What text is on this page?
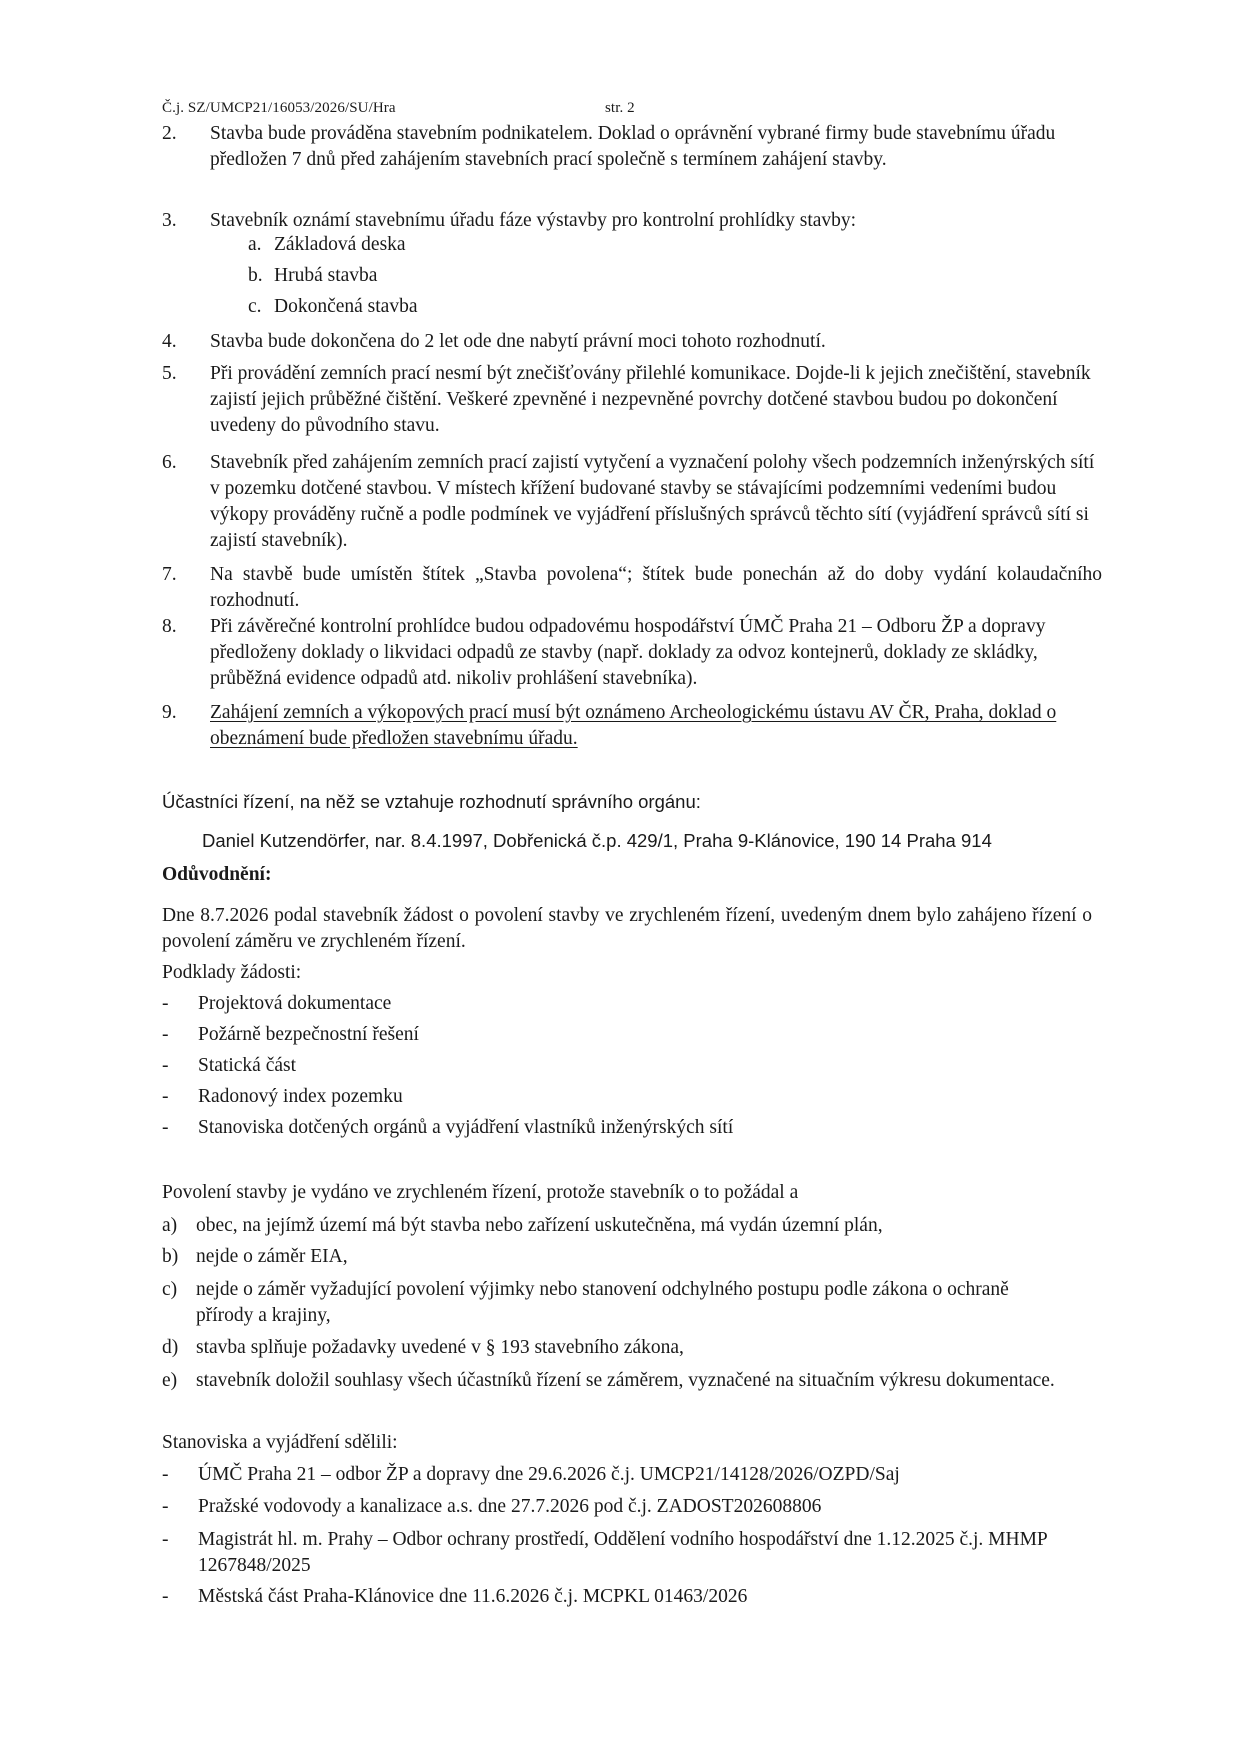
Č.j. SZ/UMCP21/16053/2026/SU/Hra	str. 2
2. Stavba bude prováděna stavebním podnikatelem. Doklad o oprávnění vybrané firmy bude stavebnímu úřadu předložen 7 dnů před zahájením stavebních prací společně s termínem zahájení stavby.
3. Stavebník oznámí stavebnímu úřadu fáze výstavby pro kontrolní prohlídky stavby:
a. Základová deska
b. Hrubá stavba
c. Dokončená stavba
4. Stavba bude dokončena do 2 let ode dne nabytí právní moci tohoto rozhodnutí.
5. Při provádění zemních prací nesmí být znečišťovány přilehlé komunikace. Dojde-li k jejich znečištění, stavebník zajistí jejich průběžné čištění. Veškeré zpevněné i nezpevněné povrchy dotčené stavbou budou po dokončení uvedeny do původního stavu.
6. Stavebník před zahájením zemních prací zajistí vytyčení a vyznačení polohy všech podzemních inženýrských sítí v pozemku dotčené stavbou. V místech křížení budované stavby se stávajícími podzemními vedeními budou výkopy prováděny ručně a podle podmínek ve vyjádření příslušných správců těchto sítí (vyjádření správců sítí si zajistí stavebník).
7. Na stavbě bude umístěn štítek „Stavba povolena“; štítek bude ponechán až do doby vydání kolaudačního rozhodnutí.
8. Při závěrečné kontrolní prohlídce budou odpadovému hospodářství ÚMČ Praha 21 – Odboru ŽP a dopravy předloženy doklady o likvidaci odpadů ze stavby (např. doklady za odvoz kontejnerů, doklady ze skládky, průběžná evidence odpadů atd. nikoliv prohlášení stavebníka).
9. Zahájení zemních a výkopových prací musí být oznámeno Archeologickému ústavu AV ČR, Praha, doklad o obeznámení bude předložen stavebnímu úřadu.
Účastníci řízení, na něž se vztahuje rozhodnutí správního orgánu:
Daniel Kutzendörfer, nar. 8.4.1997, Dobřenická č.p. 429/1, Praha 9-Klánovice, 190 14 Praha 914
Odůvodnění:
Dne 8.7.2026 podal stavebník žádost o povolení stavby ve zrychleném řízení, uvedeným dnem bylo zahájeno řízení o povolení záměru ve zrychleném řízení.
Podklady žádosti:
- Projektová dokumentace
- Požárně bezpečnostní řešení
- Statická část
- Radonový index pozemku
- Stanoviska dotčených orgánů a vyjádření vlastníků inženýrských sítí
Povolení stavby je vydáno ve zrychleném řízení, protože stavebník o to požádal a
a) obec, na jejímž území má být stavba nebo zařízení uskutečněna, má vydán územní plán,
b) nejde o záměr EIA,
c) nejde o záměr vyžadující povolení výjimky nebo stanovení odchylného postupu podle zákona o ochraně přírody a krajiny,
d) stavba splňuje požadavky uvedené v § 193 stavebního zákona,
e) stavebník doložil souhlasy všech účastníků řízení se záměrem, vyznačené na situačním výkresu dokumentace.
Stanoviska a vyjádření sdělili:
- ÚMČ Praha 21 – odbor ŽP a dopravy dne 29.6.2026 č.j. UMCP21/14128/2026/OZPD/Saj
- Pražské vodovody a kanalizace a.s. dne 27.7.2026 pod č.j. ZADOST202608806
- Magistrát hl. m. Prahy – Odbor ochrany prostředí, Oddělení vodního hospodářství dne 1.12.2025 č.j. MHMP 1267848/2025
- Městská část Praha-Klánovice dne 11.6.2026 č.j. MCPKL 01463/2026
